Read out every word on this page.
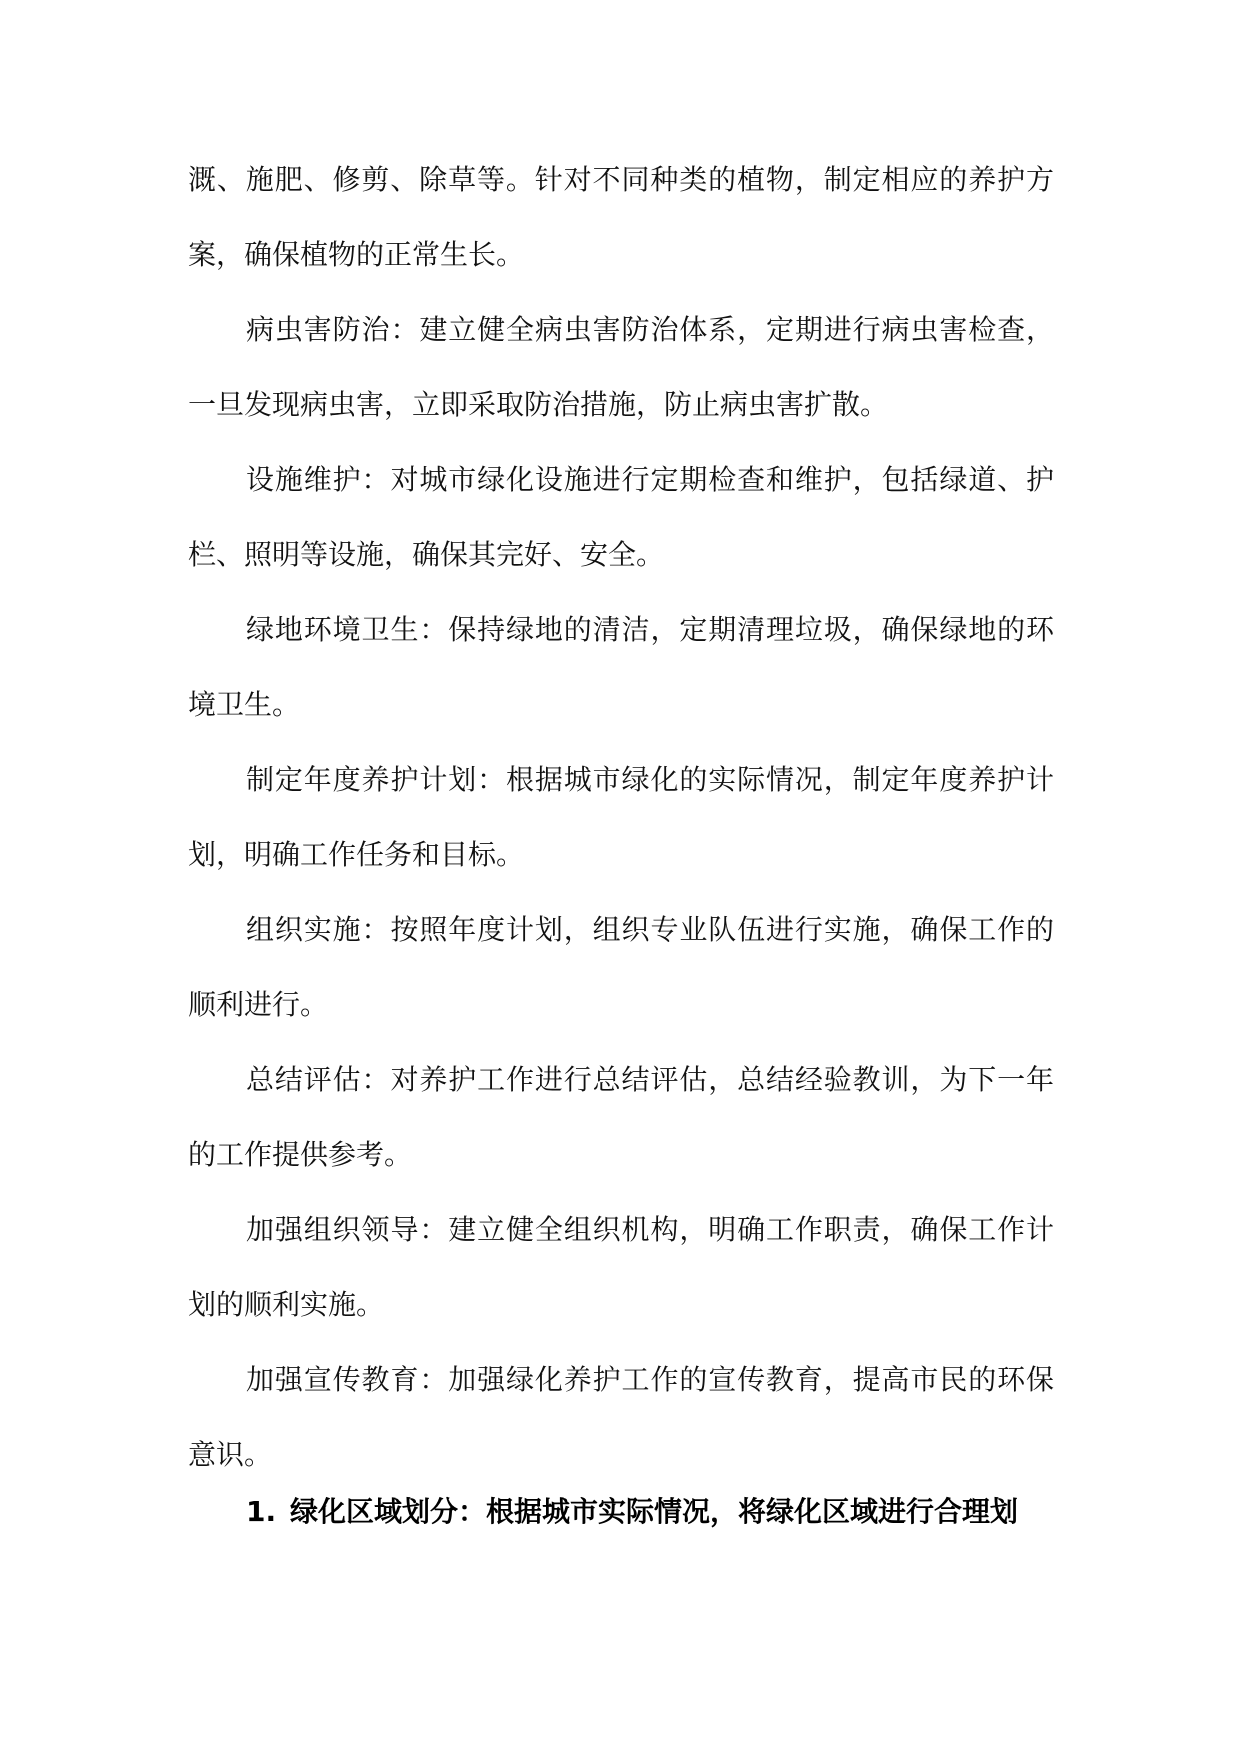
溉、施肥、修剪、除草等。针对不同种类的植物，制定相应的养护方案，确保植物的正常生长。

病虫害防治：建立健全病虫害防治体系，定期进行病虫害检查，一旦发现病虫害，立即采取防治措施，防止病虫害扩散。

设施维护：对城市绿化设施进行定期检查和维护，包括绿道、护栏、照明等设施，确保其完好、安全。

绿地环境卫生：保持绿地的清洁，定期清理垃圾，确保绿地的环境卫生。

制定年度养护计划：根据城市绿化的实际情况，制定年度养护计划，明确工作任务和目标。

组织实施：按照年度计划，组织专业队伍进行实施，确保工作的顺利进行。

总结评估：对养护工作进行总结评估，总结经验教训，为下一年的工作提供参考。

加强组织领导：建立健全组织机构，明确工作职责，确保工作计划的顺利实施。

加强宣传教育：加强绿化养护工作的宣传教育，提高市民的环保意识。

1. 绿化区域划分：根据城市实际情况，将绿化区域进行合理划
